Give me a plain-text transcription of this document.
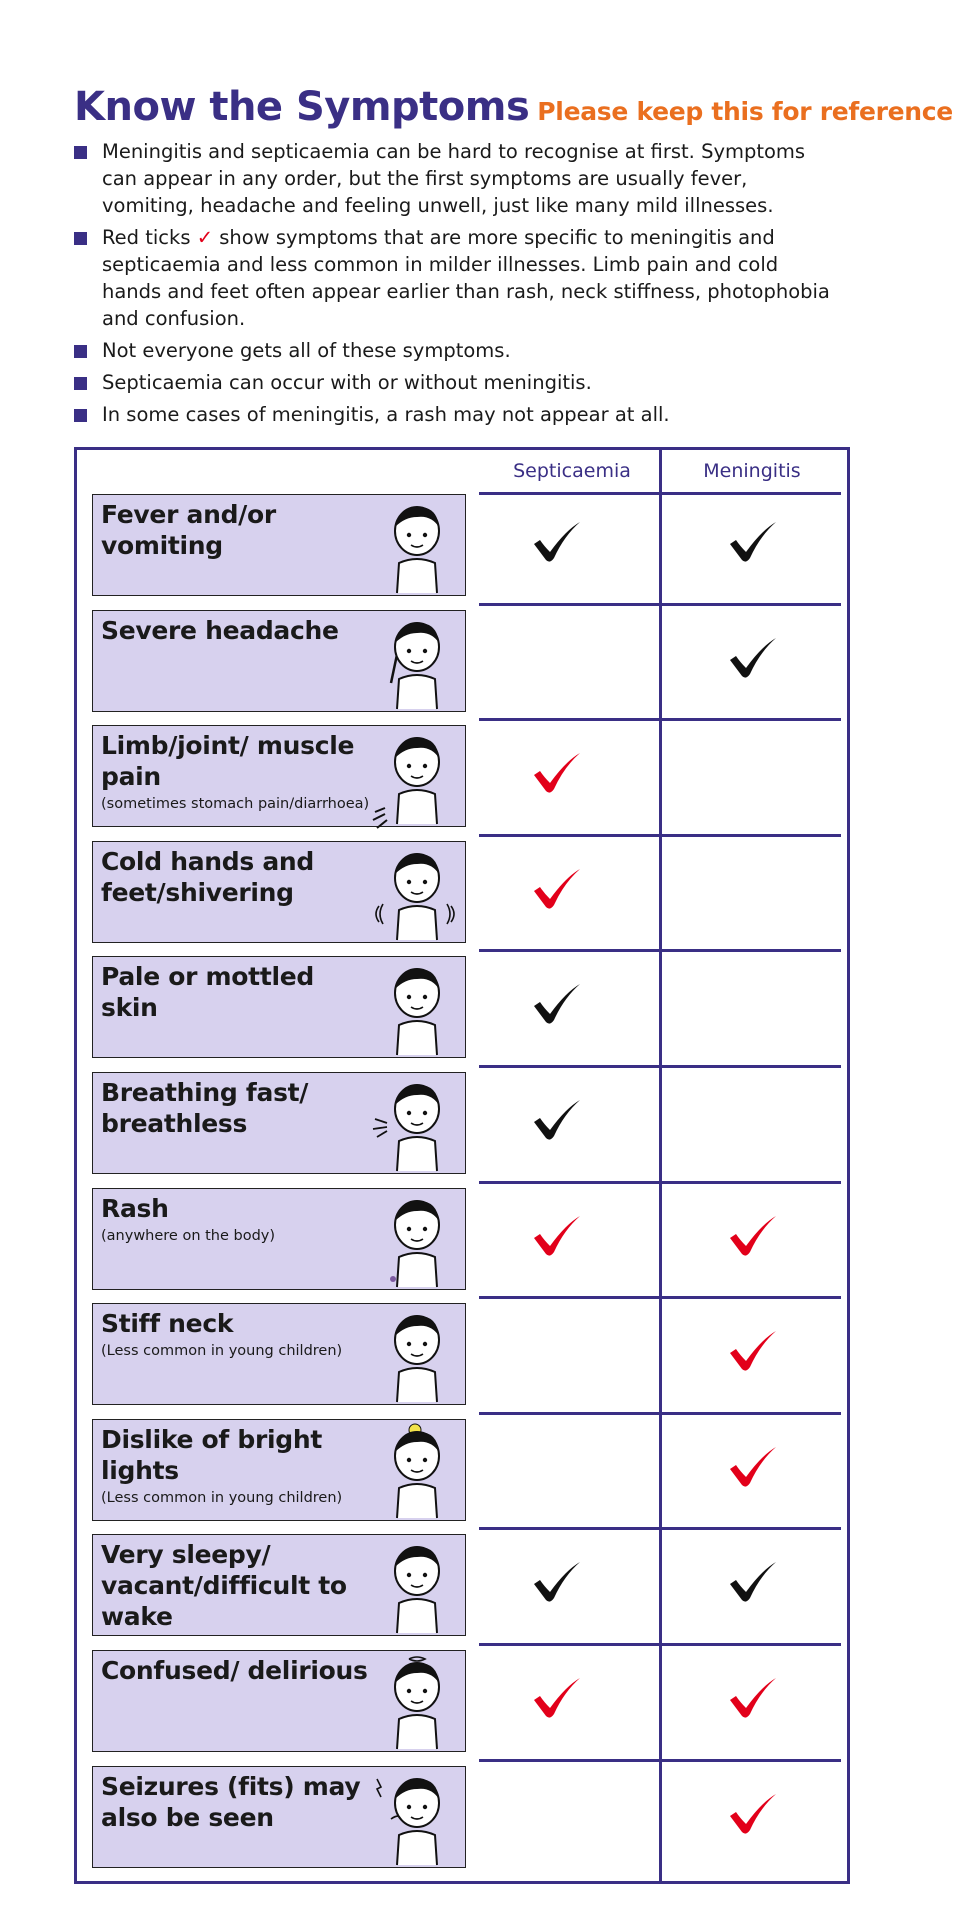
Know the Symptoms Please keep this for reference
Meningitis and septicaemia can be hard to recognise at first. Symptoms can appear in any order, but the first symptoms are usually fever, vomiting, headache and feeling unwell, just like many mild illnesses.
Red ticks ✓ show symptoms that are more specific to meningitis and septicaemia and less common in milder illnesses. Limb pain and cold hands and feet often appear earlier than rash, neck stiffness, photophobia and confusion.
Not everyone gets all of these symptoms.
Septicaemia can occur with or without meningitis.
In some cases of meningitis, a rash may not appear at all.
Septicaemia	Meningitis
Fever and/or vomiting
Severe headache
Limb/joint/ muscle pain
(sometimes stomach pain/diarrhoea)
Cold hands and feet/shivering
Pale or mottled skin
Breathing fast/ breathless
Rash
(anywhere on the body)
Stiff neck
(Less common in young children)
Dislike of bright lights
(Less common in young children)
Very sleepy/ vacant/difficult to wake
Confused/ delirious
Seizures (fits) may also be seen
